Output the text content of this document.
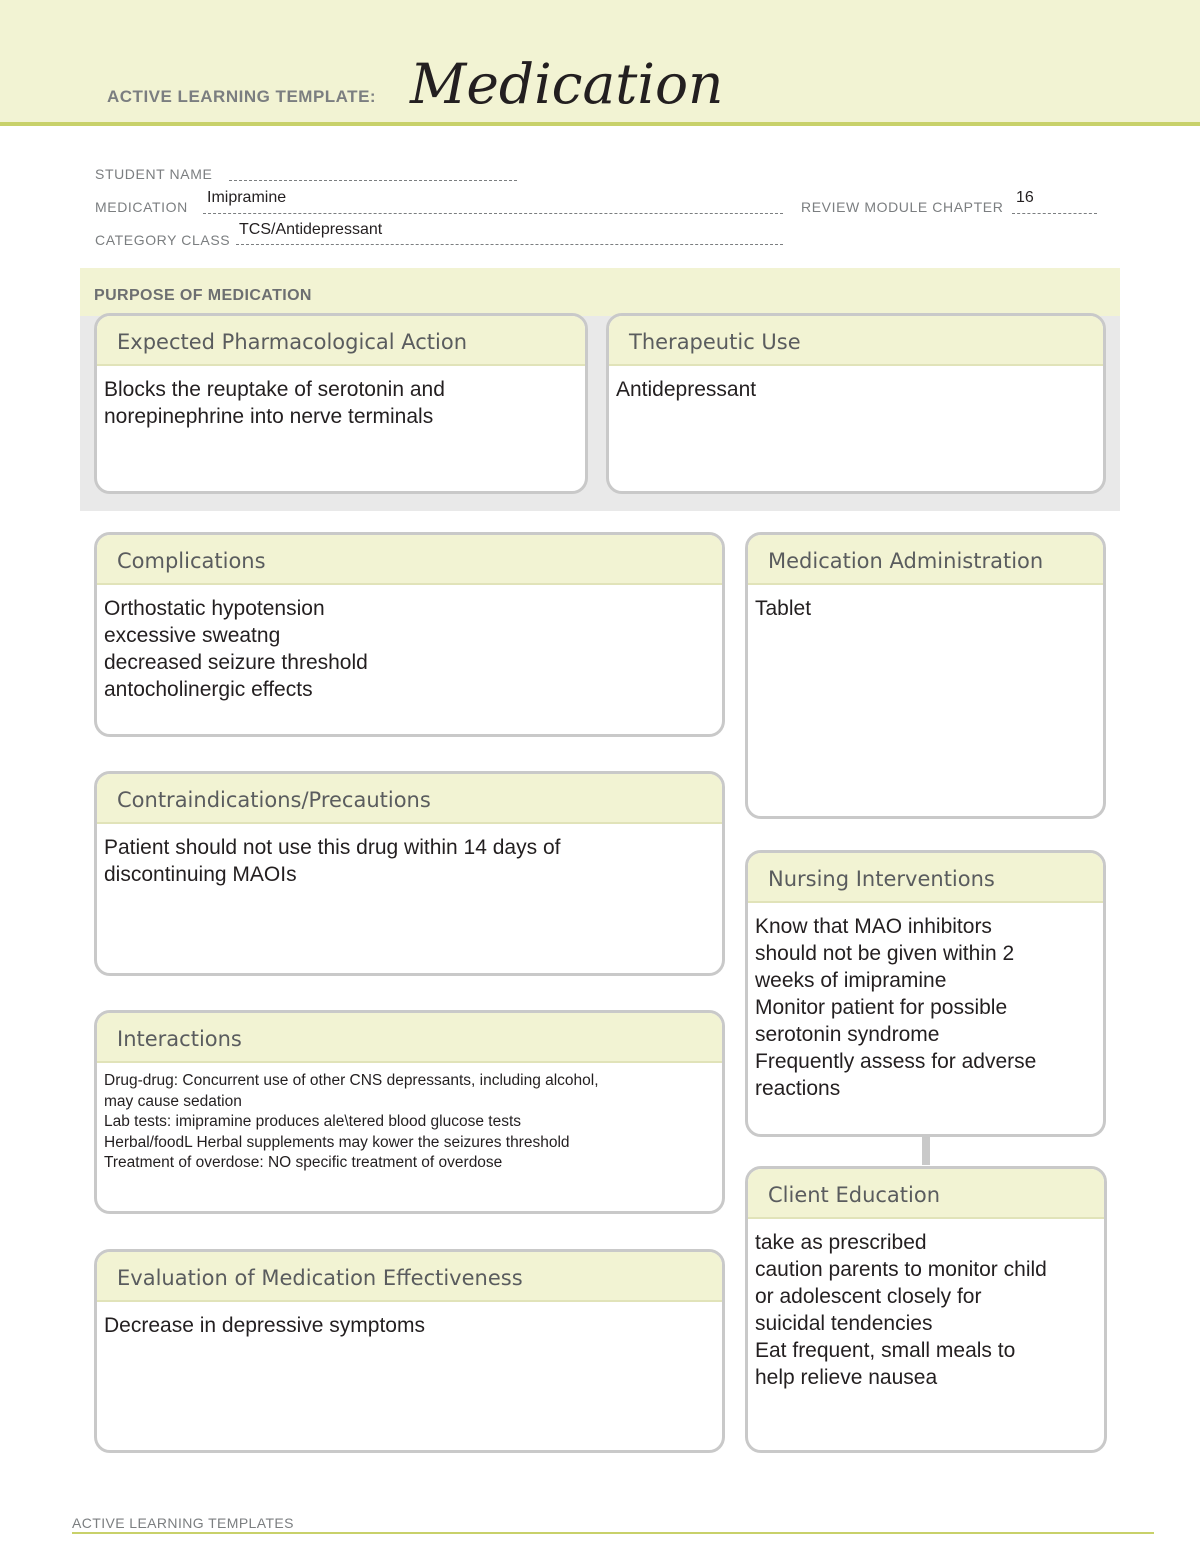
ACTIVE LEARNING TEMPLATE: Medication
STUDENT NAME
MEDICATION
Imipramine
REVIEW MODULE CHAPTER
16
CATEGORY CLASS
TCS/Antidepressant
PURPOSE OF MEDICATION
Expected Pharmacological Action
Blocks the reuptake of serotonin and
norepinephrine into nerve terminals
Therapeutic Use
Antidepressant
Complications
Orthostatic hypotension
excessive sweatng
decreased seizure threshold
antocholinergic effects
Contraindications/Precautions
Patient should not use this drug within 14 days of
discontinuing MAOIs
Interactions
Drug-drug: Concurrent use of other CNS depressants, including alcohol,
may cause sedation
Lab tests: imipramine produces ale\tered blood glucose tests
Herbal/foodL Herbal supplements may kower the seizures threshold
Treatment of overdose: NO specific treatment of overdose
Evaluation of Medication Effectiveness
Decrease in depressive symptoms
Medication Administration
Tablet
Nursing Interventions
Know that MAO inhibitors
should not be given within 2
weeks of imipramine
Monitor patient for possible
serotonin syndrome
Frequently assess for adverse
reactions
Client Education
take as prescribed
caution parents to monitor child
or adolescent closely for
suicidal tendencies
Eat frequent, small meals to
help relieve nausea
ACTIVE LEARNING TEMPLATES
